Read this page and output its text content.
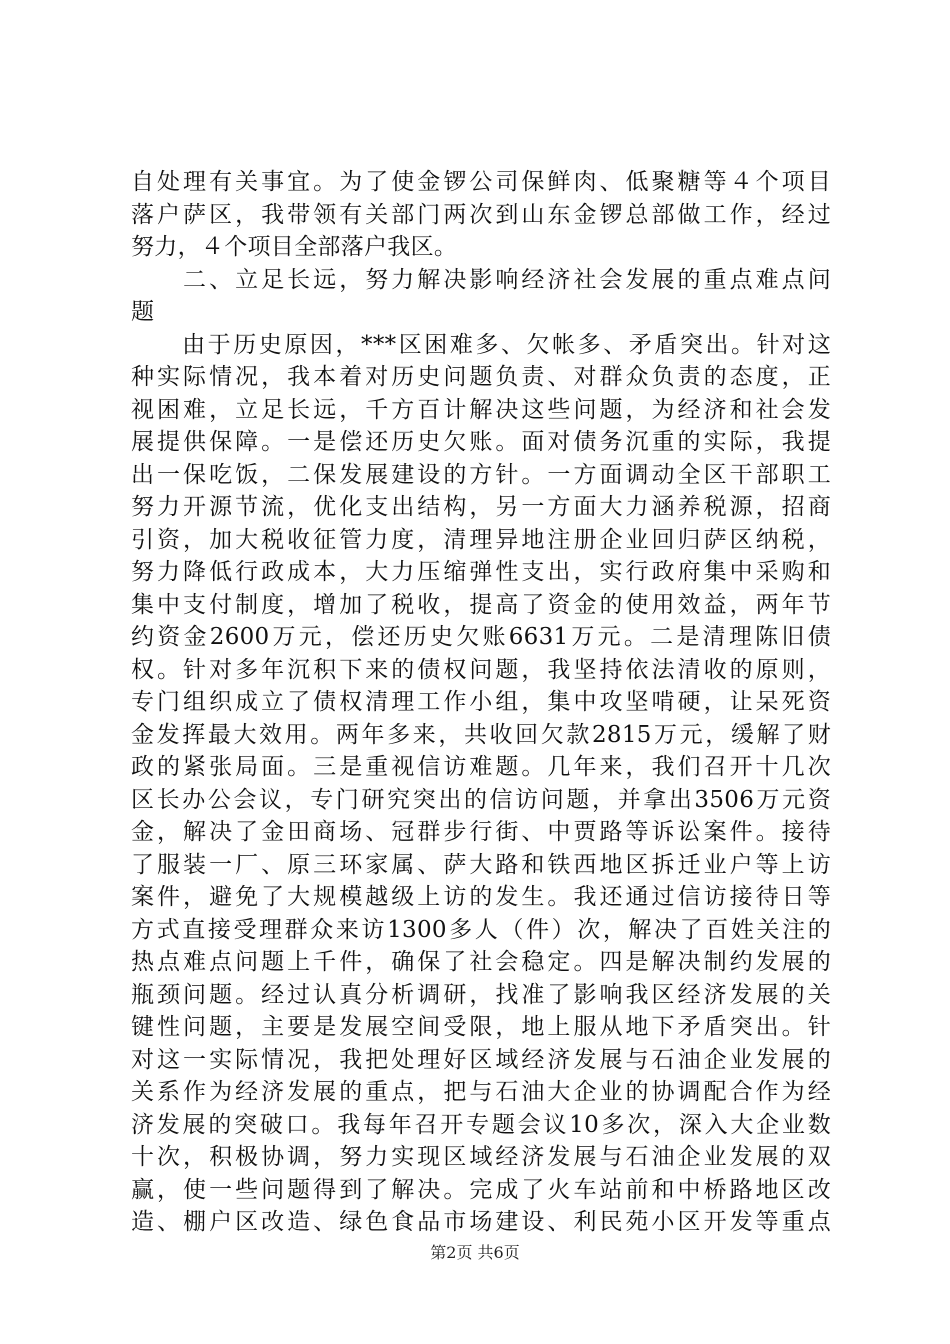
自处理有关事宜。为了使金锣公司保鲜肉、低聚糖等４个项目
落户萨区，我带领有关部门两次到山东金锣总部做工作，经过
努力，４个项目全部落户我区。
　　二、立足长远，努力解决影响经济社会发展的重点难点问
题
　　由于历史原因，***区困难多、欠帐多、矛盾突出。针对这
种实际情况，我本着对历史问题负责、对群众负责的态度，正
视困难，立足长远，千方百计解决这些问题，为经济和社会发
展提供保障。一是偿还历史欠账。面对债务沉重的实际，我提
出一保吃饭，二保发展建设的方针。一方面调动全区干部职工
努力开源节流，优化支出结构，另一方面大力涵养税源，招商
引资，加大税收征管力度，清理异地注册企业回归萨区纳税，
努力降低行政成本，大力压缩弹性支出，实行政府集中采购和
集中支付制度，增加了税收，提高了资金的使用效益，两年节
约资金2600万元，偿还历史欠账6631万元。二是清理陈旧债
权。针对多年沉积下来的债权问题，我坚持依法清收的原则，
专门组织成立了债权清理工作小组，集中攻坚啃硬，让呆死资
金发挥最大效用。两年多来，共收回欠款2815万元，缓解了财
政的紧张局面。三是重视信访难题。几年来，我们召开十几次
区长办公会议，专门研究突出的信访问题，并拿出3506万元资
金，解决了金田商场、冠群步行街、中贾路等诉讼案件。接待
了服装一厂、原三环家属、萨大路和铁西地区拆迁业户等上访
案件，避免了大规模越级上访的发生。我还通过信访接待日等
方式直接受理群众来访1300多人（件）次，解决了百姓关注的
热点难点问题上千件，确保了社会稳定。四是解决制约发展的
瓶颈问题。经过认真分析调研，找准了影响我区经济发展的关
键性问题，主要是发展空间受限，地上服从地下矛盾突出。针
对这一实际情况，我把处理好区域经济发展与石油企业发展的
关系作为经济发展的重点，把与石油大企业的协调配合作为经
济发展的突破口。我每年召开专题会议10多次，深入大企业数
十次，积极协调，努力实现区域经济发展与石油企业发展的双
赢，使一些问题得到了解决。完成了火车站前和中桥路地区改
造、棚户区改造、绿色食品市场建设、利民苑小区开发等重点
第2页 共6页
